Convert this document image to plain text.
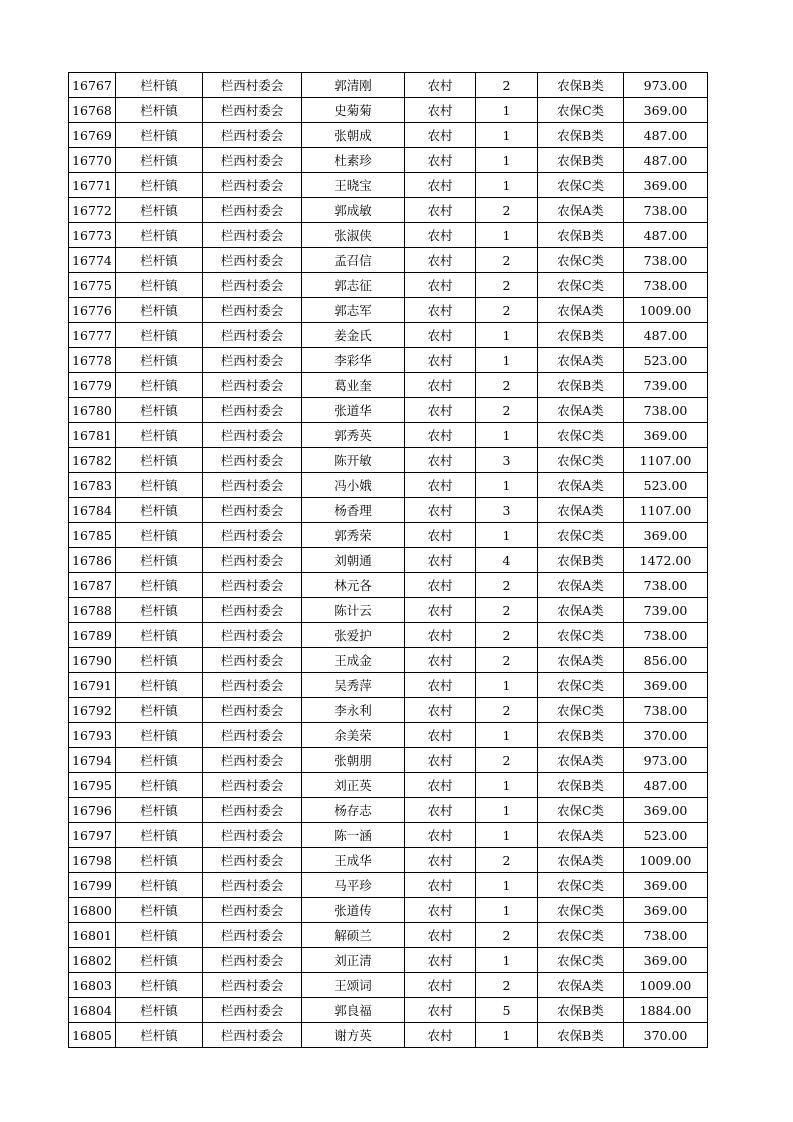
16767	栏杆镇	栏西村委会	郭清刚	农村	2	农保B类	973.00
16768	栏杆镇	栏西村委会	史菊菊	农村	1	农保C类	369.00
16769	栏杆镇	栏西村委会	张朝成	农村	1	农保B类	487.00
16770	栏杆镇	栏西村委会	杜素珍	农村	1	农保B类	487.00
16771	栏杆镇	栏西村委会	王晓宝	农村	1	农保C类	369.00
16772	栏杆镇	栏西村委会	郭成敏	农村	2	农保A类	738.00
16773	栏杆镇	栏西村委会	张淑侠	农村	1	农保B类	487.00
16774	栏杆镇	栏西村委会	孟召信	农村	2	农保C类	738.00
16775	栏杆镇	栏西村委会	郭志征	农村	2	农保C类	738.00
16776	栏杆镇	栏西村委会	郭志军	农村	2	农保A类	1009.00
16777	栏杆镇	栏西村委会	姜金氏	农村	1	农保B类	487.00
16778	栏杆镇	栏西村委会	李彩华	农村	1	农保A类	523.00
16779	栏杆镇	栏西村委会	葛业奎	农村	2	农保B类	739.00
16780	栏杆镇	栏西村委会	张道华	农村	2	农保A类	738.00
16781	栏杆镇	栏西村委会	郭秀英	农村	1	农保C类	369.00
16782	栏杆镇	栏西村委会	陈开敏	农村	3	农保C类	1107.00
16783	栏杆镇	栏西村委会	冯小娥	农村	1	农保A类	523.00
16784	栏杆镇	栏西村委会	杨香理	农村	3	农保A类	1107.00
16785	栏杆镇	栏西村委会	郭秀荣	农村	1	农保C类	369.00
16786	栏杆镇	栏西村委会	刘朝通	农村	4	农保B类	1472.00
16787	栏杆镇	栏西村委会	林元各	农村	2	农保A类	738.00
16788	栏杆镇	栏西村委会	陈计云	农村	2	农保A类	739.00
16789	栏杆镇	栏西村委会	张爱护	农村	2	农保C类	738.00
16790	栏杆镇	栏西村委会	王成金	农村	2	农保A类	856.00
16791	栏杆镇	栏西村委会	吴秀萍	农村	1	农保C类	369.00
16792	栏杆镇	栏西村委会	李永利	农村	2	农保C类	738.00
16793	栏杆镇	栏西村委会	余美荣	农村	1	农保B类	370.00
16794	栏杆镇	栏西村委会	张朝朋	农村	2	农保A类	973.00
16795	栏杆镇	栏西村委会	刘正英	农村	1	农保B类	487.00
16796	栏杆镇	栏西村委会	杨存志	农村	1	农保C类	369.00
16797	栏杆镇	栏西村委会	陈一涵	农村	1	农保A类	523.00
16798	栏杆镇	栏西村委会	王成华	农村	2	农保A类	1009.00
16799	栏杆镇	栏西村委会	马平珍	农村	1	农保C类	369.00
16800	栏杆镇	栏西村委会	张道传	农村	1	农保C类	369.00
16801	栏杆镇	栏西村委会	解硕兰	农村	2	农保C类	738.00
16802	栏杆镇	栏西村委会	刘正清	农村	1	农保C类	369.00
16803	栏杆镇	栏西村委会	王颂词	农村	2	农保A类	1009.00
16804	栏杆镇	栏西村委会	郭良福	农村	5	农保B类	1884.00
16805	栏杆镇	栏西村委会	谢方英	农村	1	农保B类	370.00
